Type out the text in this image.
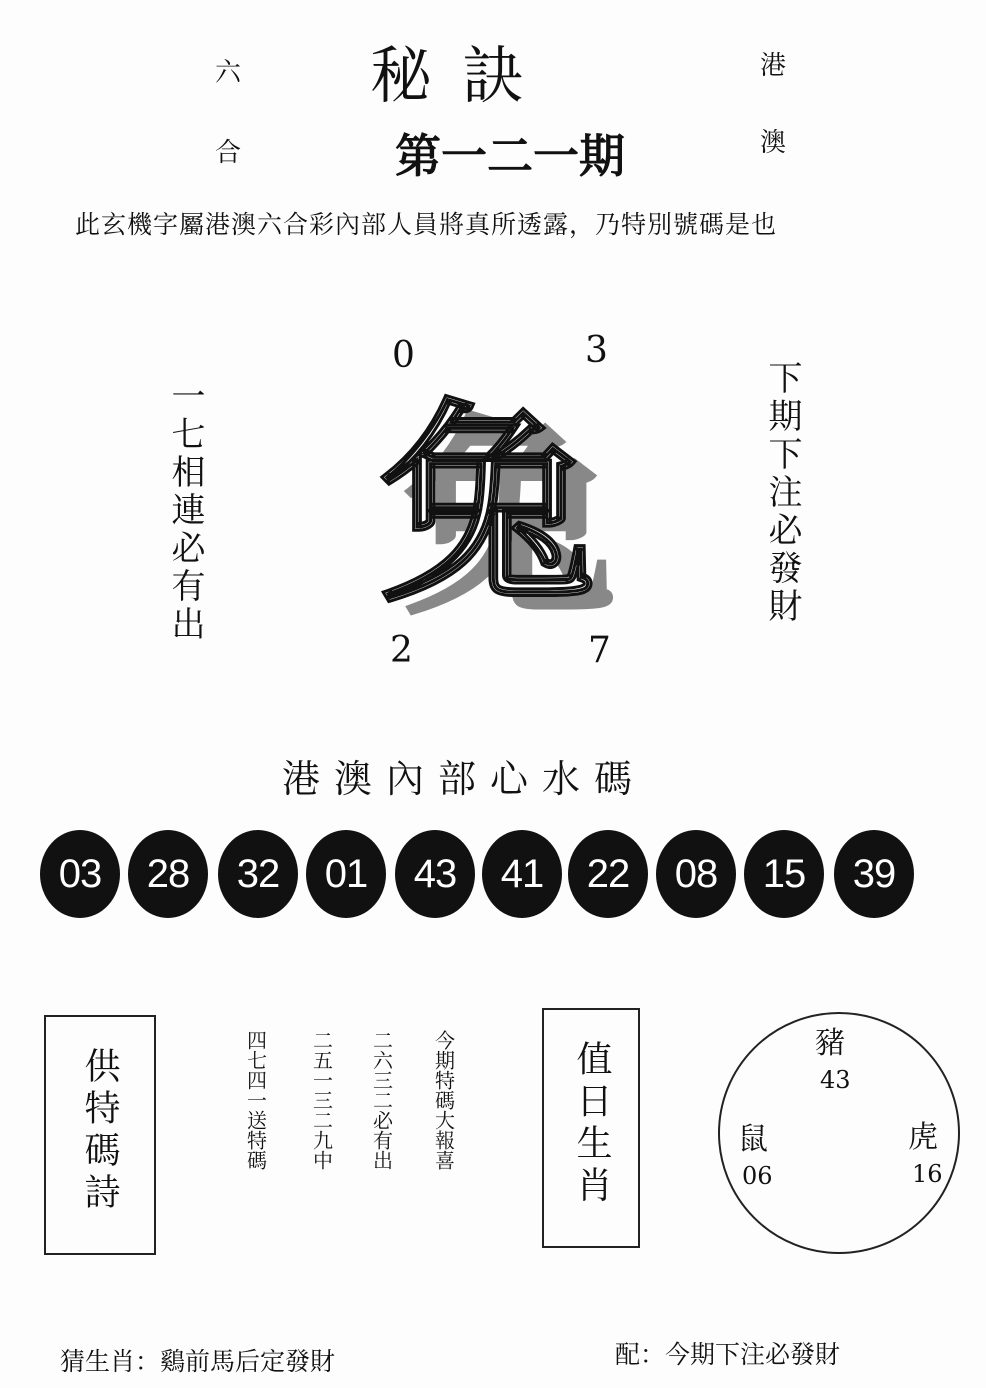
六
合
港
澳
秘訣
第一二一期
此玄機字屬港澳六合彩內部人員將真所透露，乃特別號碼是也
一七相連必有出	下期下注必發財
0	3
2	7
兔
港澳內部心水碼
03	28	32	01	43	41	22	08	15	39
供特碼詩	今期特碼大報喜
二六三二必有出
二五一三二九中
四七四一送特碼	值日生肖	豬
43
鼠
06
虎
16
猜生肖：鷄前馬后定發財	配：今期下注必發財
